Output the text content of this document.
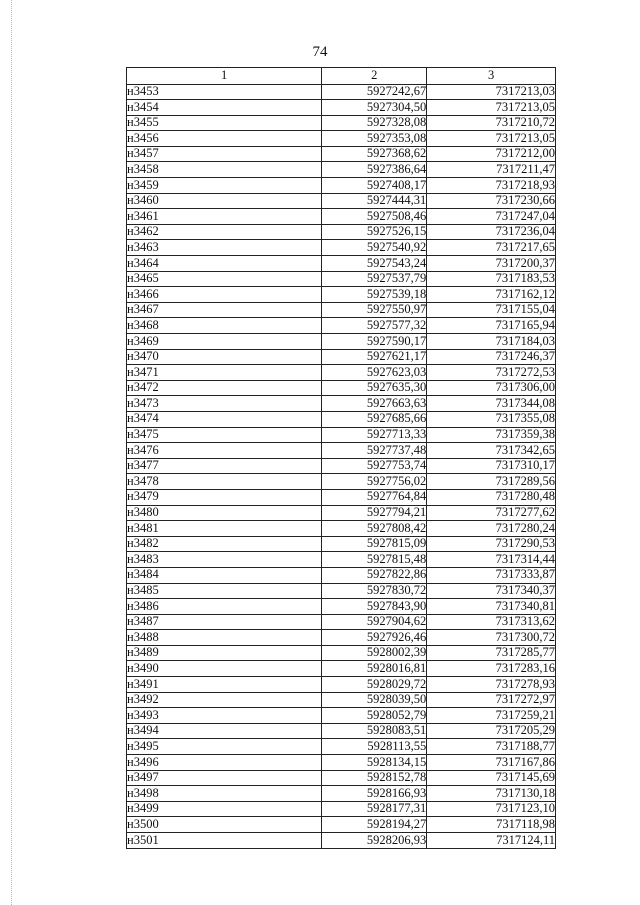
74
1	2	3
н3453	5927242,67	7317213,03
н3454	5927304,50	7317213,05
н3455	5927328,08	7317210,72
н3456	5927353,08	7317213,05
н3457	5927368,62	7317212,00
н3458	5927386,64	7317211,47
н3459	5927408,17	7317218,93
н3460	5927444,31	7317230,66
н3461	5927508,46	7317247,04
н3462	5927526,15	7317236,04
н3463	5927540,92	7317217,65
н3464	5927543,24	7317200,37
н3465	5927537,79	7317183,53
н3466	5927539,18	7317162,12
н3467	5927550,97	7317155,04
н3468	5927577,32	7317165,94
н3469	5927590,17	7317184,03
н3470	5927621,17	7317246,37
н3471	5927623,03	7317272,53
н3472	5927635,30	7317306,00
н3473	5927663,63	7317344,08
н3474	5927685,66	7317355,08
н3475	5927713,33	7317359,38
н3476	5927737,48	7317342,65
н3477	5927753,74	7317310,17
н3478	5927756,02	7317289,56
н3479	5927764,84	7317280,48
н3480	5927794,21	7317277,62
н3481	5927808,42	7317280,24
н3482	5927815,09	7317290,53
н3483	5927815,48	7317314,44
н3484	5927822,86	7317333,87
н3485	5927830,72	7317340,37
н3486	5927843,90	7317340,81
н3487	5927904,62	7317313,62
н3488	5927926,46	7317300,72
н3489	5928002,39	7317285,77
н3490	5928016,81	7317283,16
н3491	5928029,72	7317278,93
н3492	5928039,50	7317272,97
н3493	5928052,79	7317259,21
н3494	5928083,51	7317205,29
н3495	5928113,55	7317188,77
н3496	5928134,15	7317167,86
н3497	5928152,78	7317145,69
н3498	5928166,93	7317130,18
н3499	5928177,31	7317123,10
н3500	5928194,27	7317118,98
н3501	5928206,93	7317124,11
